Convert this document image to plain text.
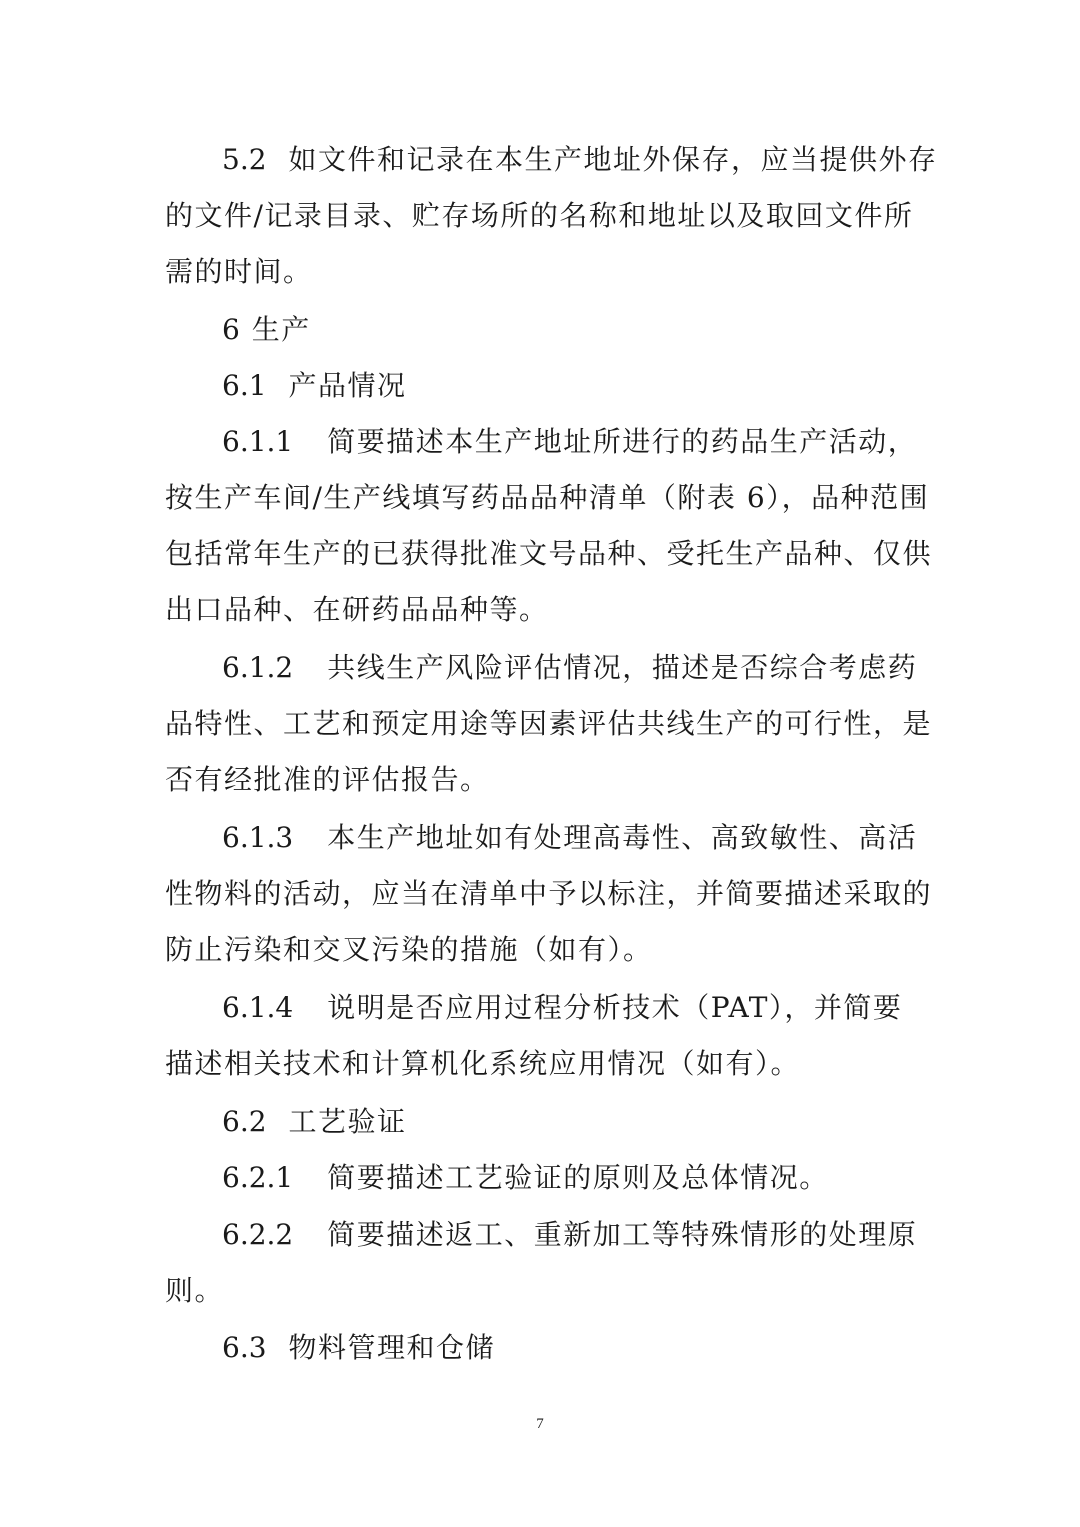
5.2 如文件和记录在本生产地址外保存，应当提供外存
的文件/记录目录、贮存场所的名称和地址以及取回文件所
需的时间。

6 生产

6.1 产品情况

6.1.1 简要描述本生产地址所进行的药品生产活动，
按生产车间/生产线填写药品品种清单（附表 6），品种范围
包括常年生产的已获得批准文号品种、受托生产品种、仅供
出口品种、在研药品品种等。
6.1.2 共线生产风险评估情况，描述是否综合考虑药
品特性、工艺和预定用途等因素评估共线生产的可行性，是
否有经批准的评估报告。
6.1.3 本生产地址如有处理高毒性、高致敏性、高活
性物料的活动，应当在清单中予以标注，并简要描述采取的
防止污染和交叉污染的措施（如有）。
6.1.4 说明是否应用过程分析技术（PAT），并简要
描述相关技术和计算机化系统应用情况（如有）。

6.2 工艺验证

6.2.1 简要描述工艺验证的原则及总体情况。
6.2.2 简要描述返工、重新加工等特殊情形的处理原
则。

6.3 物料管理和仓储

7
